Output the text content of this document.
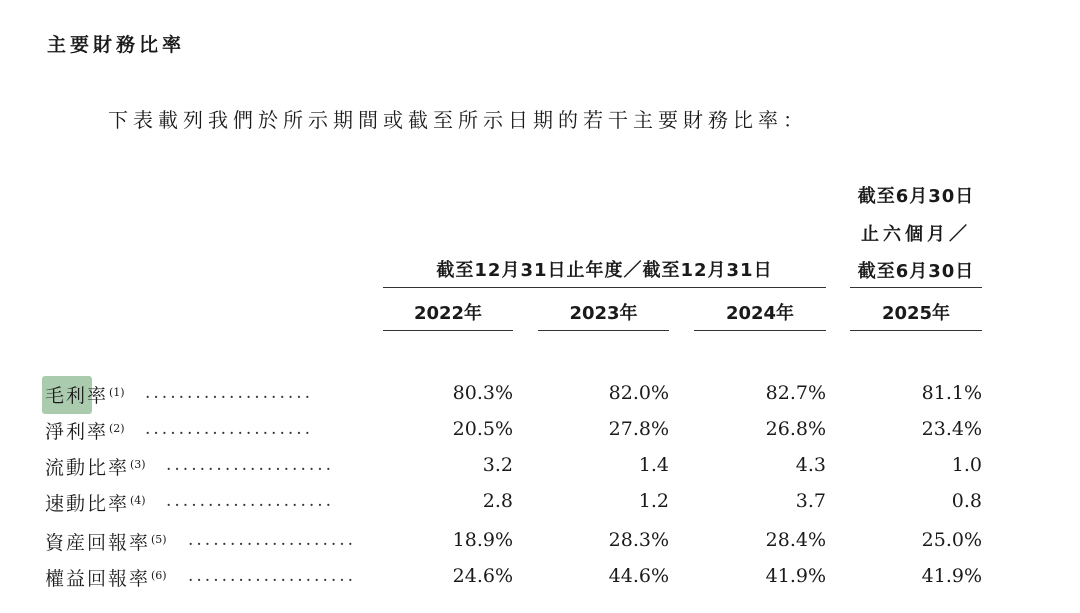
主要財務比率
下表載列我們於所示期間或截至所示日期的若干主要財務比率：
截至12月31日止年度／截至12月31日
截至6月30日
止六個月／
截至6月30日
2022年	2023年	2024年	2025年
毛利率$^{(1)}$ ....................	80.3%	82.0%	82.7%	81.1%
淨利率$^{(2)}$ ....................	20.5%	27.8%	26.8%	23.4%
流動比率$^{(3)}$ ....................	3.2	1.4	4.3	1.0
速動比率$^{(4)}$ ....................	2.8	1.2	3.7	0.8
資産回報率$^{(5)}$ ....................	18.9%	28.3%	28.4%	25.0%
權益回報率$^{(6)}$ ....................	24.6%	44.6%	41.9%	41.9%
